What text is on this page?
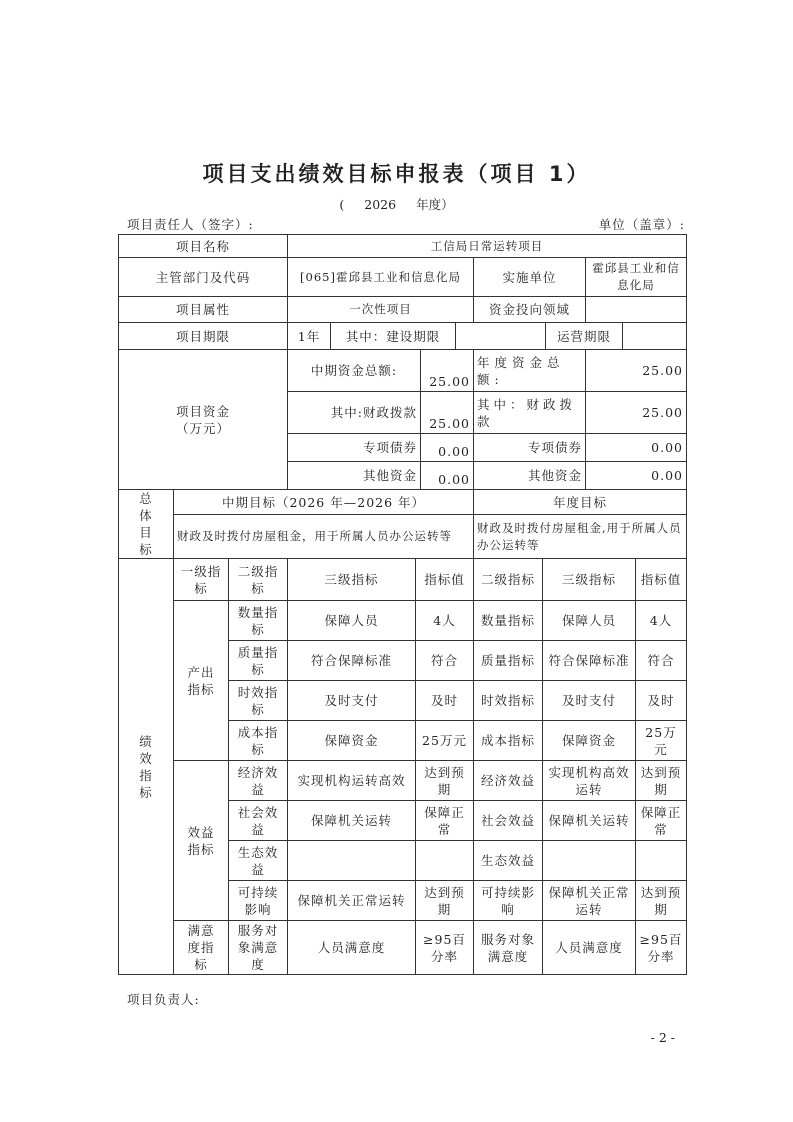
项目支出绩效目标申报表（项目 1）
( 2026 年度）
项目责任人（签字）:	单位（盖章）:
项目名称	工信局日常运转项目		
主管部门及代码	[065]霍邱县工业和信息化局	实施单位	霍邱县工业和信息化局
项目属性	一次性项目	资金投向领域	
项目期限	1年	其中：建设期限		运营期限	
项目资金（万元）	中期资金总额:	25.00	年度资金总额:	25.00
	其中:财政拨款	25.00	其中：财政拨款	25.00
	专项债券	0.00	专项债券	0.00
	其他资金	0.00	其他资金	0.00
总体目标	中期目标（2026 年—2026 年）	年度目标
	财政及时拨付房屋租金，用于所属人员办公运转等	财政及时拨付房屋租金,用于所属人员办公运转等
绩效指标	一级指标	二级指标	三级指标	指标值	二级指标	三级指标	指标值
	产出指标	数量指标	保障人员	4人	数量指标	保障人员	4人
		质量指标	符合保障标准	符合	质量指标	符合保障标准	符合
		时效指标	及时支付	及时	时效指标	及时支付	及时
		成本指标	保障资金	25万元	成本指标	保障资金	25万元
	效益指标	经济效益	实现机构运转高效	达到预期	经济效益	实现机构高效运转	达到预期
		社会效益	保障机关运转	保障正常	社会效益	保障机关运转	保障正常
		生态效益			生态效益		
		可持续影响	保障机关正常运转	达到预期	可持续影响	保障机关正常运转	达到预期
	满意度指标	服务对象满意度	人员满意度	≥95百分率	服务对象满意度	人员满意度	≥95百分率
项目负责人:
- 2 -
